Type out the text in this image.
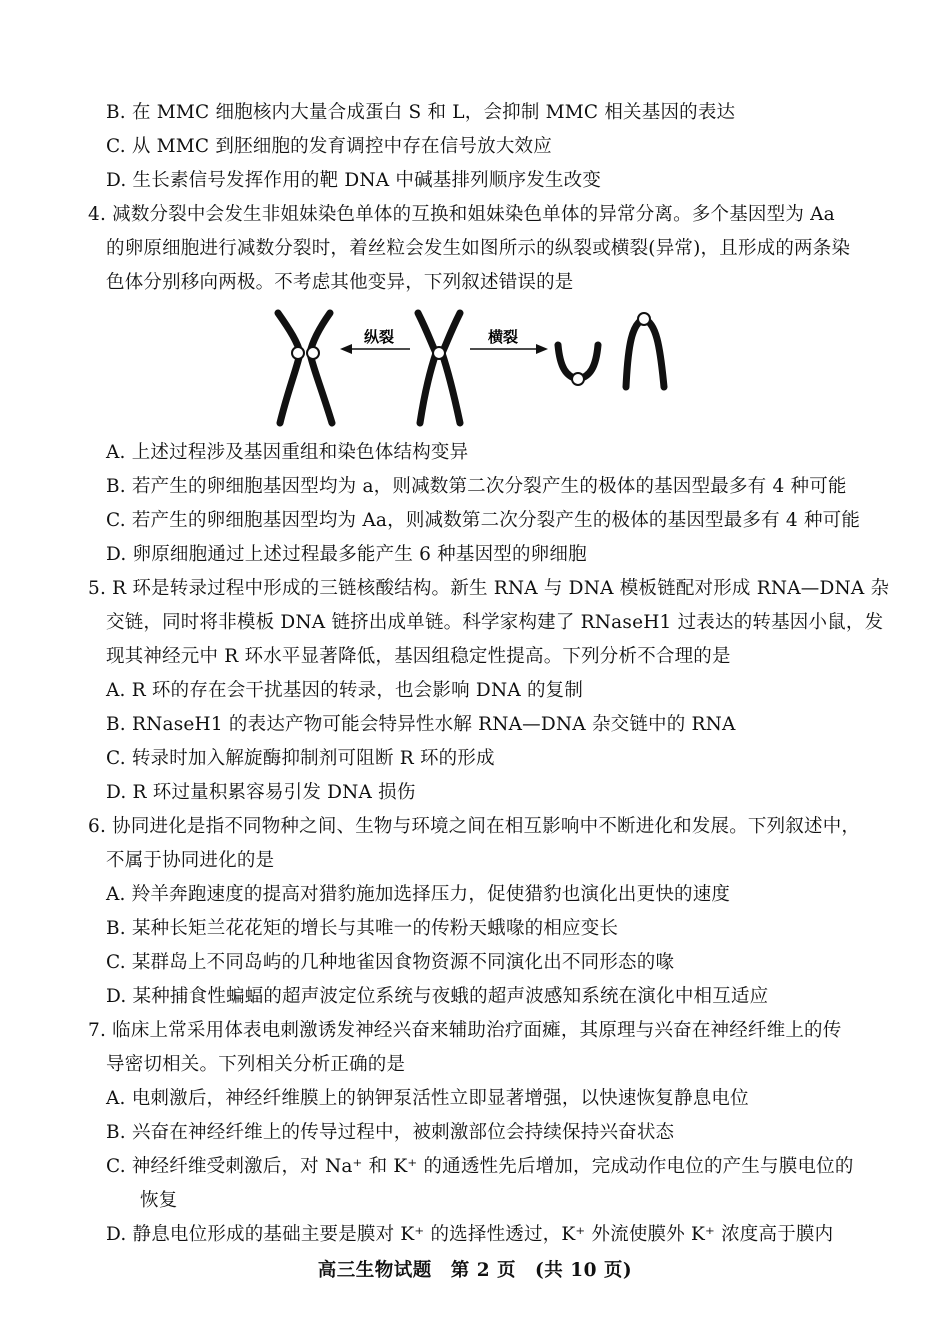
B. 在 MMC 细胞核内大量合成蛋白 S 和 L，会抑制 MMC 相关基因的表达
C. 从 MMC 到胚细胞的发育调控中存在信号放大效应
D. 生长素信号发挥作用的靶 DNA 中碱基排列顺序发生改变
4. 减数分裂中会发生非姐妹染色单体的互换和姐妹染色单体的异常分离。多个基因型为 Aa
的卵原细胞进行减数分裂时，着丝粒会发生如图所示的纵裂或横裂(异常)，且形成的两条染
色体分别移向两极。不考虑其他变异，下列叙述错误的是
纵裂	横裂
A. 上述过程涉及基因重组和染色体结构变异
B. 若产生的卵细胞基因型均为 a，则减数第二次分裂产生的极体的基因型最多有 4 种可能
C. 若产生的卵细胞基因型均为 Aa，则减数第二次分裂产生的极体的基因型最多有 4 种可能
D. 卵原细胞通过上述过程最多能产生 6 种基因型的卵细胞
5. R 环是转录过程中形成的三链核酸结构。新生 RNA 与 DNA 模板链配对形成 RNA—DNA 杂
交链，同时将非模板 DNA 链挤出成单链。科学家构建了 RNaseH1 过表达的转基因小鼠，发
现其神经元中 R 环水平显著降低，基因组稳定性提高。下列分析不合理的是
A. R 环的存在会干扰基因的转录，也会影响 DNA 的复制
B. RNaseH1 的表达产物可能会特异性水解 RNA—DNA 杂交链中的 RNA
C. 转录时加入解旋酶抑制剂可阻断 R 环的形成
D. R 环过量积累容易引发 DNA 损伤
6. 协同进化是指不同物种之间、生物与环境之间在相互影响中不断进化和发展。下列叙述中，
不属于协同进化的是
A. 羚羊奔跑速度的提高对猎豹施加选择压力，促使猎豹也演化出更快的速度
B. 某种长矩兰花花矩的增长与其唯一的传粉天蛾喙的相应变长
C. 某群岛上不同岛屿的几种地雀因食物资源不同演化出不同形态的喙
D. 某种捕食性蝙蝠的超声波定位系统与夜蛾的超声波感知系统在演化中相互适应
7. 临床上常采用体表电刺激诱发神经兴奋来辅助治疗面瘫，其原理与兴奋在神经纤维上的传
导密切相关。下列相关分析正确的是
A. 电刺激后，神经纤维膜上的钠钾泵活性立即显著增强，以快速恢复静息电位
B. 兴奋在神经纤维上的传导过程中，被刺激部位会持续保持兴奋状态
C. 神经纤维受刺激后，对 Na⁺ 和 K⁺ 的通透性先后增加，完成动作电位的产生与膜电位的
恢复
D. 静息电位形成的基础主要是膜对 K⁺ 的选择性透过，K⁺ 外流使膜外 K⁺ 浓度高于膜内
高三生物试题　第 2 页　(共 10 页)
